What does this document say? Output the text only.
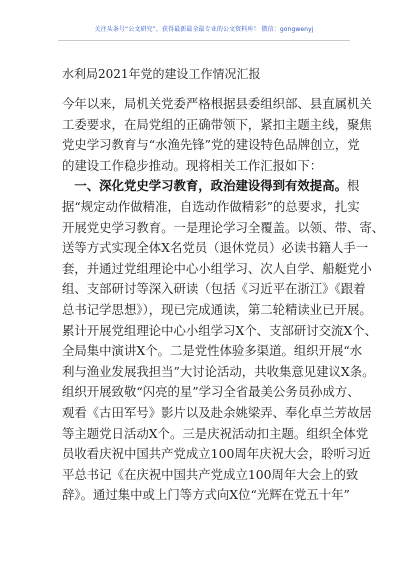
关注头条号“公文研究”，获得最新最全最专业的公文资料库！ 微信：gongwenyj
水利局2021年党的建设工作情况汇报
今年以来，局机关党委严格根据县委组织部、县直属机关
工委要求，在局党组的正确带领下，紧扣主题主线，聚焦
党史学习教育与“水渔先锋”党的建设特色品牌创立，党
的建设工作稳步推动。现将相关工作汇报如下：
　一、深化党史学习教育，政治建设得到有效提高。根
据“规定动作做精准，自选动作做精彩”的总要求，扎实
开展党史学习教育。一是理论学习全覆盖。以领、带、寄、
送等方式实现全体X名党员（退休党员）必读书籍人手一
套，并通过党组理论中心小组学习、次人自学、船艇党小
组、支部研讨等深入研读（包括《习近平在浙江》《跟着
总书记学思想》），现已完成通读，第二轮精读业已开展。
累计开展党组理论中心小组学习X个、支部研讨交流X个、
全局集中演讲X个。二是党性体验多渠道。组织开展“水
利与渔业发展我担当”大讨论活动，共收集意见建议X条。
组织开展致敬“闪亮的星”学习全省最美公务员孙成方、
观看《古田军号》影片以及赴余姚梁弄、奉化卓兰芳故居
等主题党日活动X个。三是庆祝活动扣主题。组织全体党
员收看庆祝中国共产党成立100周年庆祝大会，聆听习近
平总书记《在庆祝中国共产党成立100周年大会上的致
辞》。通过集中或上门等方式向X位“光辉在党五十年”
